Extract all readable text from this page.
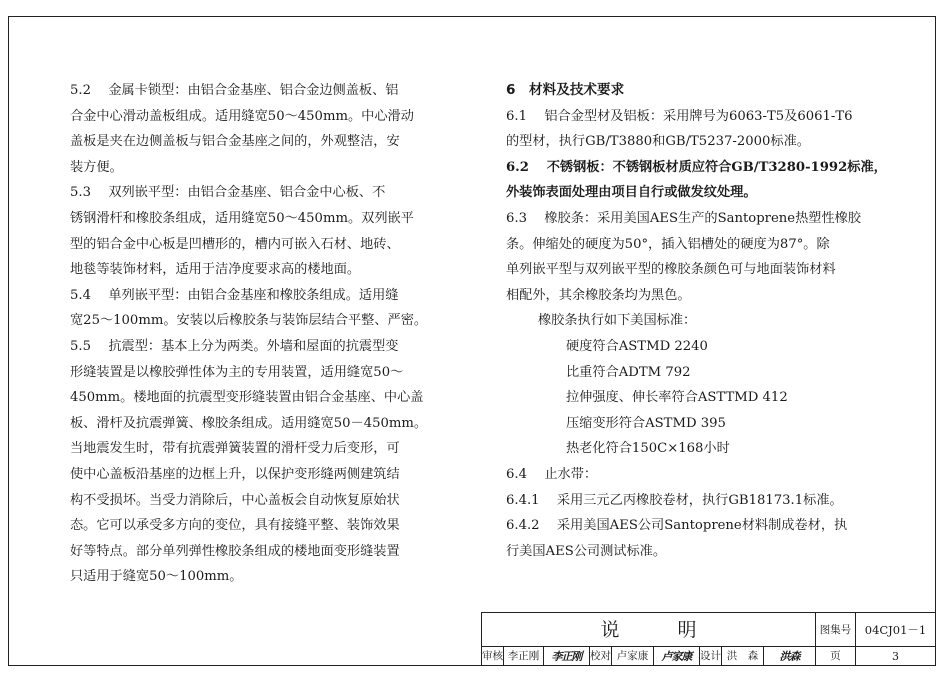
5.2　 金属卡锁型：由铝合金基座、铝合金边侧盖板、铝
合金中心滑动盖板组成。适用缝宽50～450mm。中心滑动
盖板是夹在边侧盖板与铝合金基座之间的，外观整洁，安
装方便。
5.3　 双列嵌平型：由铝合金基座、铝合金中心板、不
锈钢滑杆和橡胶条组成，适用缝宽50～450mm。双列嵌平
型的铝合金中心板是凹槽形的，槽内可嵌入石材、地砖、
地毯等装饰材料，适用于洁净度要求高的楼地面。
5.4　 单列嵌平型：由铝合金基座和橡胶条组成。适用缝
宽25～100mm。安装以后橡胶条与装饰层结合平整、严密。
5.5　 抗震型：基本上分为两类。外墙和屋面的抗震型变
形缝装置是以橡胶弹性体为主的专用装置，适用缝宽50～
450mm。楼地面的抗震型变形缝装置由铝合金基座、中心盖
板、滑杆及抗震弹簧、橡胶条组成。适用缝宽50－450mm。
当地震发生时，带有抗震弹簧装置的滑杆受力后变形，可
使中心盖板沿基座的边框上升，以保护变形缝两侧建筑结
构不受损坏。当受力消除后，中心盖板会自动恢复原始状
态。它可以承受多方向的变位，具有接缝平整、装饰效果
好等特点。部分单列弹性橡胶条组成的楼地面变形缝装置
只适用于缝宽50～100mm。
6　材料及技术要求
6.1　 铝合金型材及铝板：采用牌号为6063-T5及6061-T6
的型材，执行GB/T3880和GB/T5237-2000标准。
6.2　 不锈钢板：不锈钢板材质应符合GB/T3280-1992标准，
外装饰表面处理由项目自行或做发纹处理。
6.3　 橡胶条：采用美国AES生产的Santoprene热塑性橡胶
条。伸缩处的硬度为50°，插入铝槽处的硬度为87°。除
单列嵌平型与双列嵌平型的橡胶条颜色可与地面装饰材料
相配外，其余橡胶条均为黑色。
橡胶条执行如下美国标准：
硬度符合ASTMD 2240
比重符合ADTM 792
拉伸强度、伸长率符合ASTTMD 412
压缩变形符合ASTMD 395
热老化符合150C×168小时
6.4　 止水带：
6.4.1　 采用三元乙丙橡胶卷材，执行GB18173.1标准。
6.4.2　 采用美国AES公司Santoprene材料制成卷材，执
行美国AES公司测试标准。
说明	图集号	04CJ01－1
审核 李正刚	李正刚 校对 卢家康	卢家康 设计 洪　森	洪森	页	3
